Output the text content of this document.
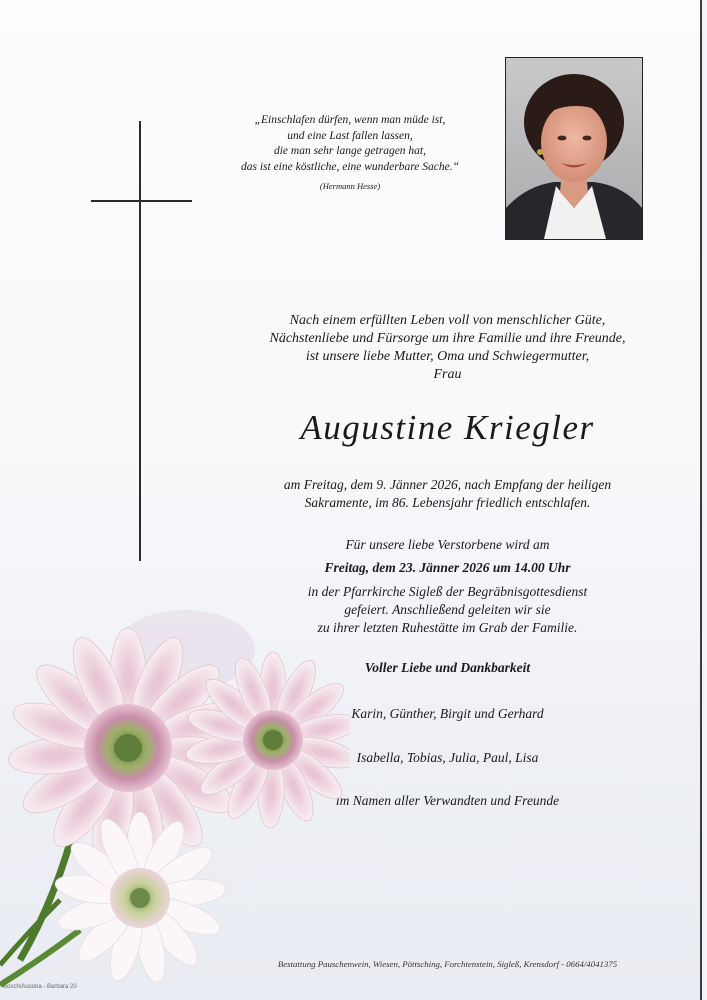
„Einschlafen dürfen, wenn man müde ist,
und eine Last fallen lassen,
die man sehr lange getragen hat,
das ist eine köstliche, eine wunderbare Sache.“
(Hermann Hesse)
Nach einem erfüllten Leben voll von menschlicher Güte,
Nächstenliebe und Fürsorge um ihre Familie und ihre Freunde,
ist unsere liebe Mutter, Oma und Schwiegermutter,
Frau
Augustine Kriegler
am Freitag, dem 9. Jänner 2026, nach Empfang der heiligen
Sakramente, im 86. Lebensjahr friedlich entschlafen.
Für unsere liebe Verstorbene wird am
Freitag, dem 23. Jänner 2026 um 14.00 Uhr
in der Pfarrkirche Sigleß der Begräbnisgottesdienst
gefeiert. Anschließend geleiten wir sie
zu ihrer letzten Ruhestätte im Grab der Familie.
Voller Liebe und Dankbarkeit
Karin, Günther, Birgit und Gerhard
Isabella, Tobias, Julia, Paul, Lisa
im Namen aller Verwandten und Freunde
Bestattung Pauschenwein, Wiesen, Pöttsching, Forchtenstein, Sigleß, Krensdorf - 0664/4041375
Bosch/Ausoria - Barbara 20
